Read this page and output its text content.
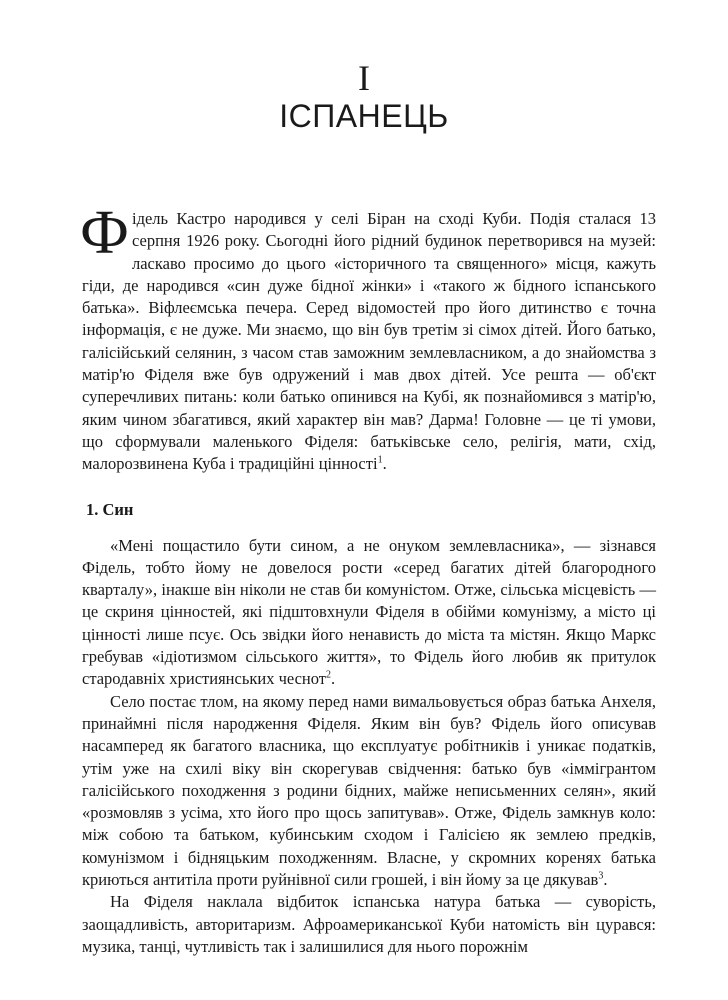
I
ІСПАНЕЦЬ

Фідель Кастро народився у селі Біран на сході Куби. Подія сталася 13 серпня 1926 року. Сьогодні його рідний будинок перетворився на музей: ласкаво просимо до цього «історичного та священного» місця, кажуть гіди, де народився «син дуже бідної жінки» і «такого ж бідного іспанського батька». Віфлеємська печера. Серед відомостей про його дитинство є точна інформація, є не дуже. Ми знаємо, що він був третім зі сімох дітей. Його батько, галісійський селянин, з часом став заможним землевласником, а до знайомства з матір'ю Фіделя вже був одружений і мав двох дітей. Усе решта — об'єкт суперечливих питань: коли батько опинився на Кубі, як познайомився з матір'ю, яким чином збагатився, який характер він мав? Дарма! Головне — це ті умови, що сформували маленького Фіделя: батьківське село, релігія, мати, схід, малорозвинена Куба і традиційні цінності$^1$.

1. Син

«Мені пощастило бути сином, а не онуком землевласника», — зізнався Фідель, тобто йому не довелося рости «серед багатих дітей благородного кварталу», інакше він ніколи не став би комуністом. Отже, сільська місцевість — це скриня цінностей, які підштовхнули Фіделя в обійми комунізму, а місто ці цінності лише псує. Ось звідки його ненависть до міста та містян. Якщо Маркс гребував «ідіотизмом сільського життя», то Фідель його любив як притулок стародавніх християнських чеснот$^2$.

Село постає тлом, на якому перед нами вимальовується образ батька Анхеля, принаймні після народження Фіделя. Яким він був? Фідель його описував насамперед як багатого власника, що експлуатує робітників і уникає податків, утім уже на схилі віку він скорегував свідчення: батько був «іммігрантом галісійського походження з родини бідних, майже неписьменних селян», який «розмовляв з усіма, хто його про щось запитував». Отже, Фідель замкнув коло: між собою та батьком, кубинським сходом і Галісією як землею предків, комунізмом і бідняцьким походженням. Власне, у скромних коренях батька криються антитіла проти руйнівної сили грошей, і він йому за це дякував$^3$.

На Фіделя наклала відбиток іспанська натура батька — суворість, заощадливість, авторитаризм. Афроамериканської Куби натомість він цурався: музика, танці, чутливість так і залишилися для нього порожнім
